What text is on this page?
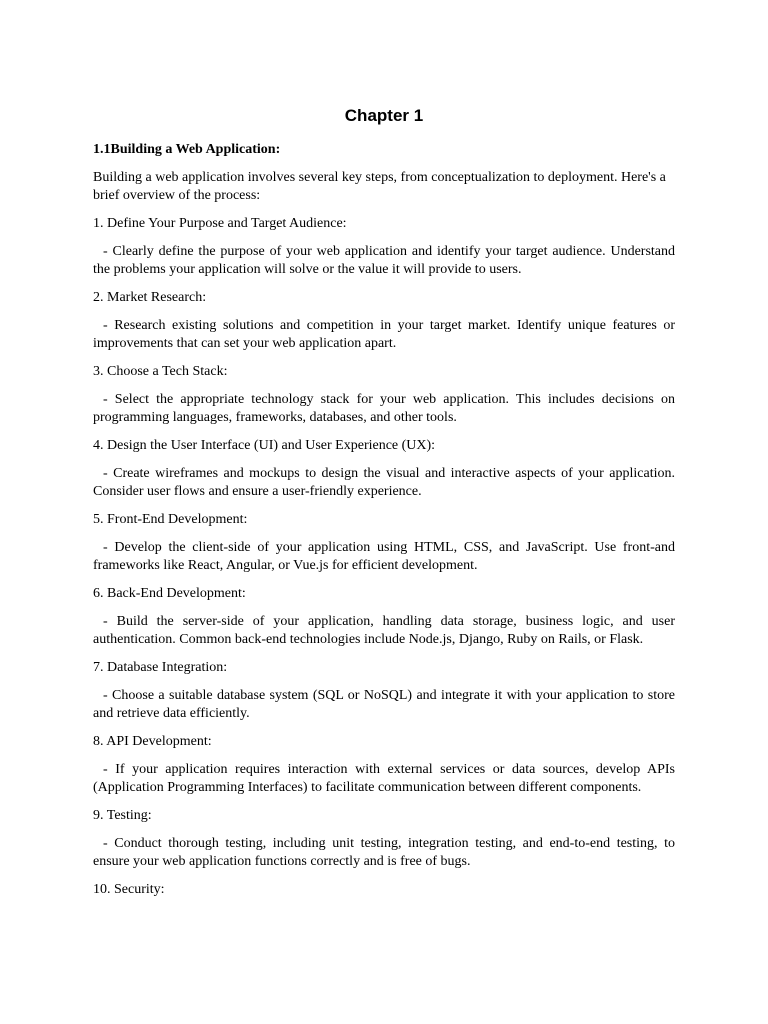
Chapter 1

1.1Building a Web Application:

Building a web application involves several key steps, from conceptualization to deployment. Here's a brief overview of the process:

1. Define Your Purpose and Target Audience:

- Clearly define the purpose of your web application and identify your target audience. Understand the problems your application will solve or the value it will provide to users.

2. Market Research:

- Research existing solutions and competition in your target market. Identify unique features or improvements that can set your web application apart.

3. Choose a Tech Stack:

- Select the appropriate technology stack for your web application. This includes decisions on programming languages, frameworks, databases, and other tools.

4. Design the User Interface (UI) and User Experience (UX):

- Create wireframes and mockups to design the visual and interactive aspects of your application. Consider user flows and ensure a user-friendly experience.

5. Front-End Development:

- Develop the client-side of your application using HTML, CSS, and JavaScript. Use front-and frameworks like React, Angular, or Vue.js for efficient development.

6. Back-End Development:

- Build the server-side of your application, handling data storage, business logic, and user authentication. Common back-end technologies include Node.js, Django, Ruby on Rails, or Flask.

7. Database Integration:

- Choose a suitable database system (SQL or NoSQL) and integrate it with your application to store and retrieve data efficiently.

8. API Development:

- If your application requires interaction with external services or data sources, develop APIs (Application Programming Interfaces) to facilitate communication between different components.

9. Testing:

- Conduct thorough testing, including unit testing, integration testing, and end-to-end testing, to ensure your web application functions correctly and is free of bugs.

10. Security:
